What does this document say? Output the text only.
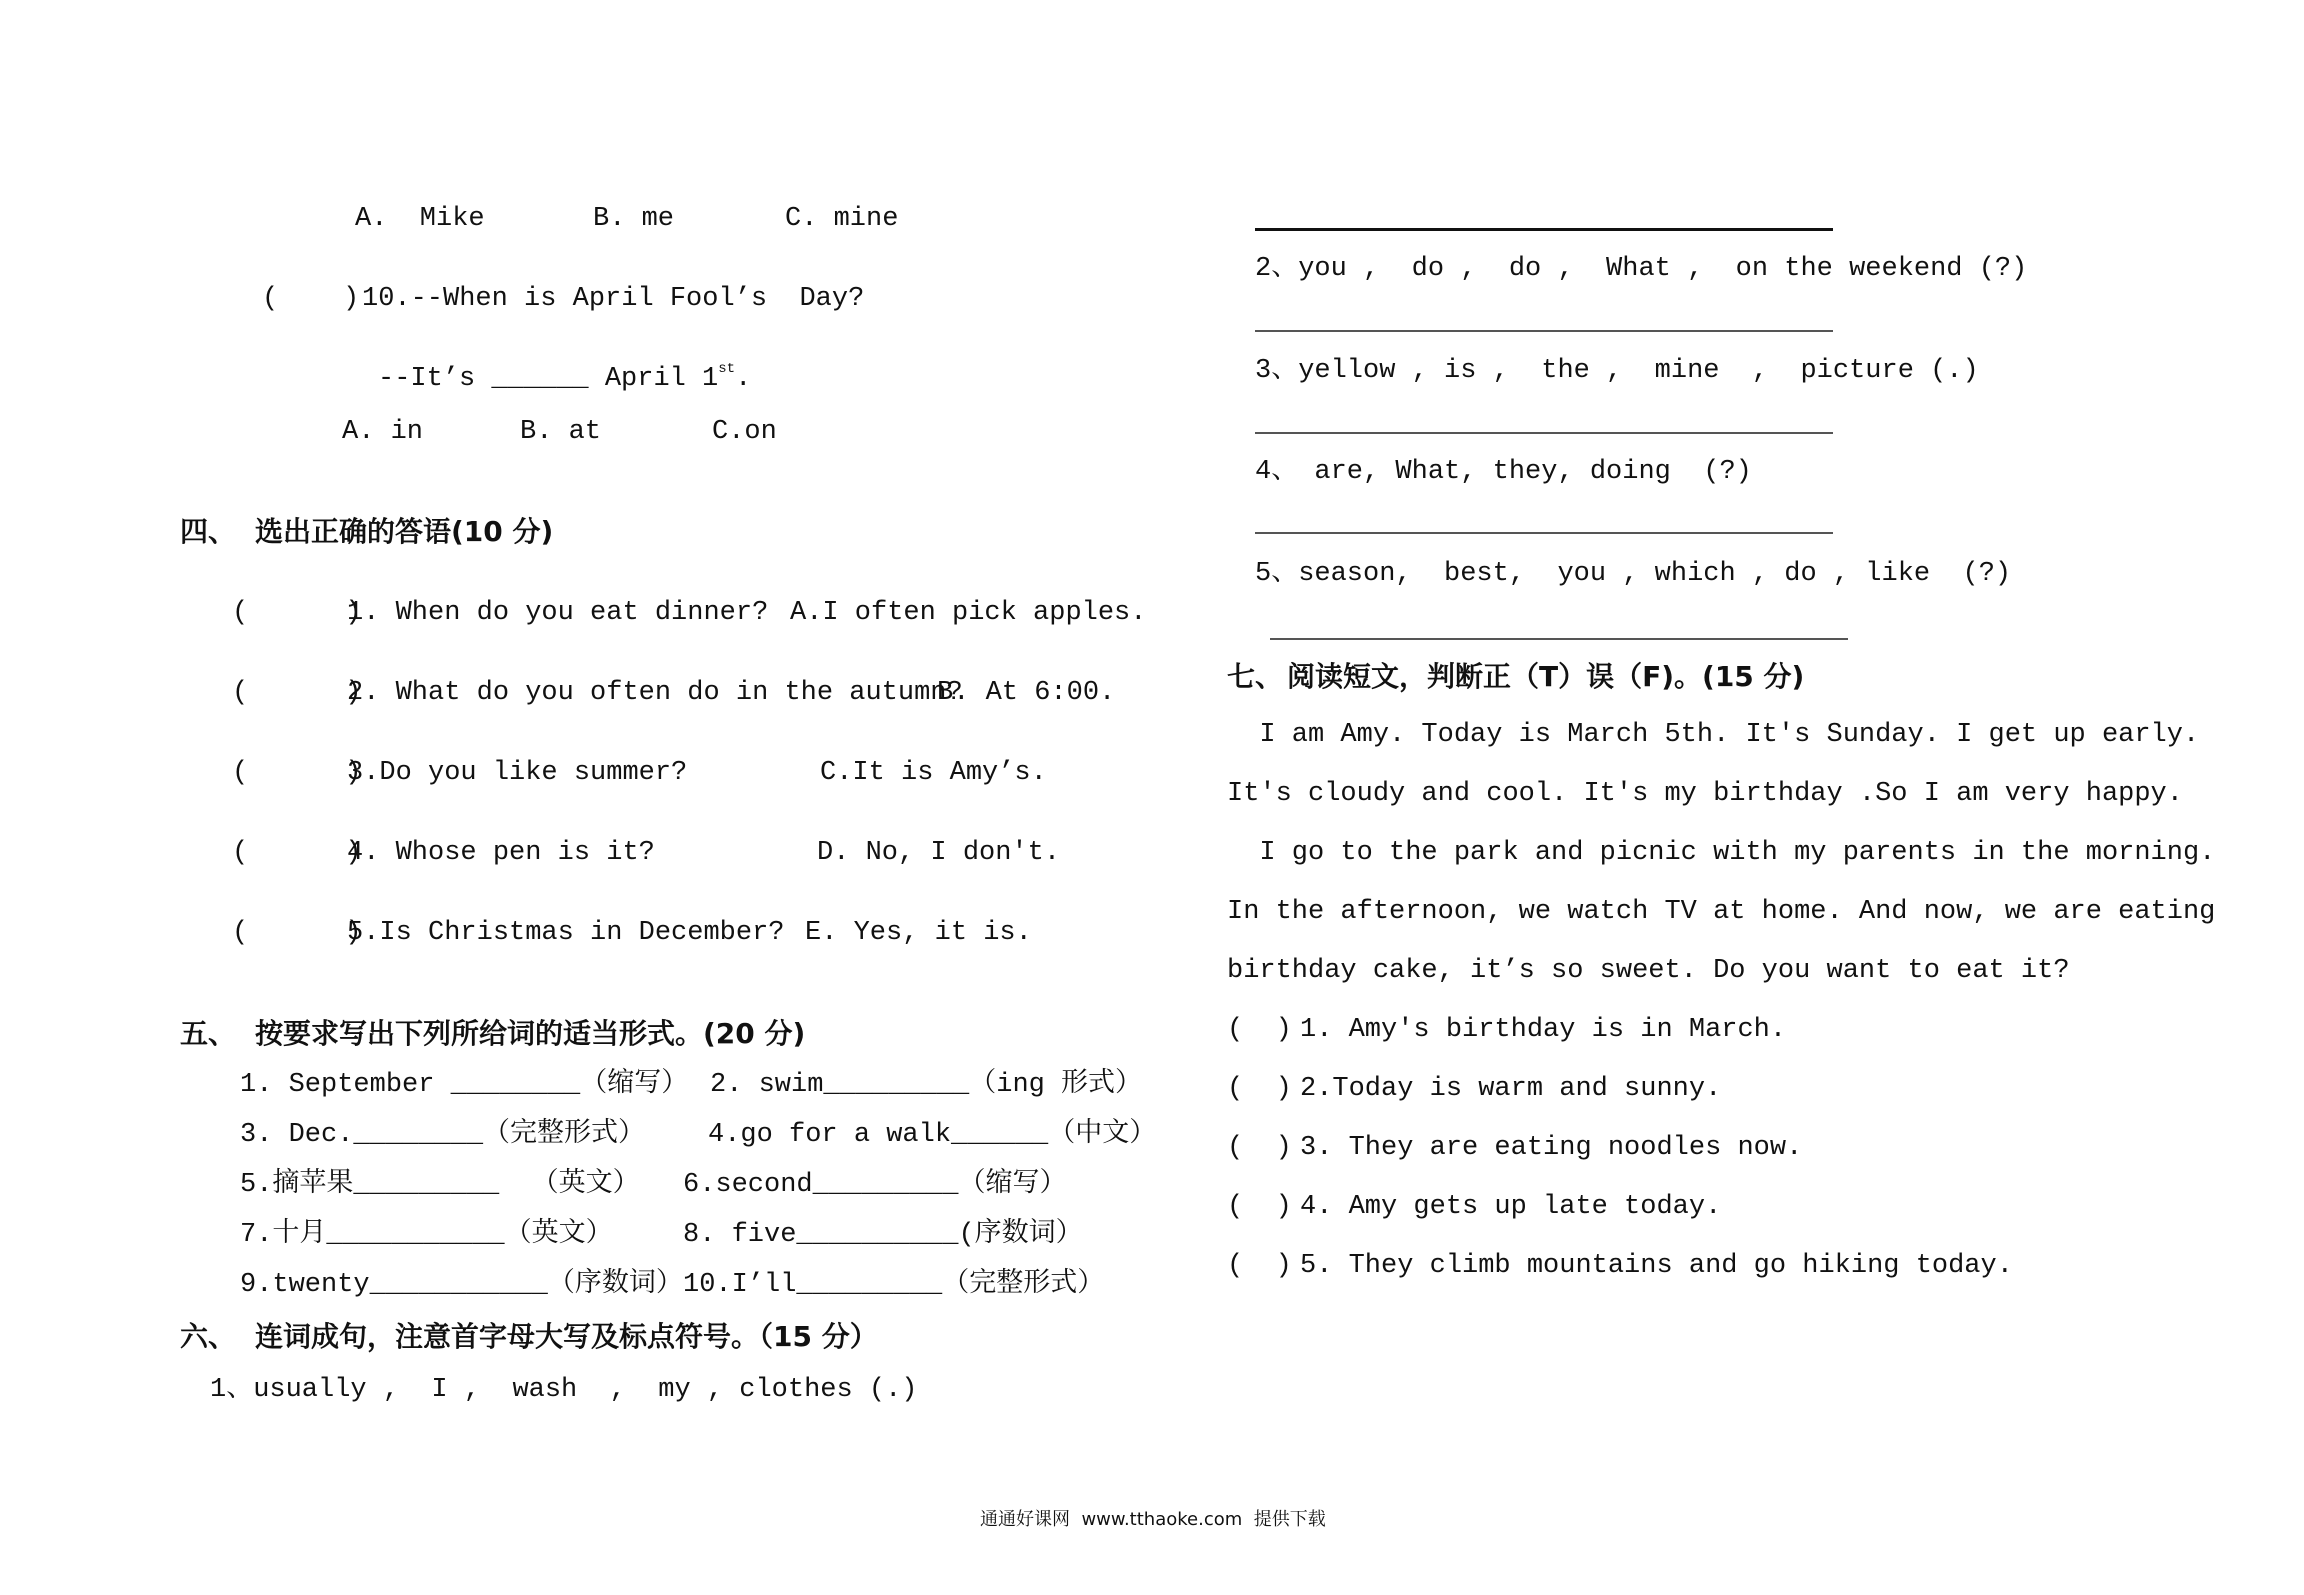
A.  Mike	B. me	C. mine
(    ) 10.--When is April Fool’s  Day?
--It’s ______ April 1st.
A. in	B. at	C.on
四、 选出正确的答语(10 分)
(      )
1. When do you eat dinner? A.I often pick apples.
(      )
2. What do you often do in the autumn?
B. At 6:00.
(      )
3.Do you like summer?	C.It is Amy’s.
(      )
4. Whose pen is it?	D. No, I don't.
(      )
5.Is Christmas in December? E. Yes, it is.
五、 按要求写出下列所给词的适当形式。(20 分)
1. September ________（缩写） 2. swim_________（ing 形式）
3. Dec.________（完整形式） 4.go for a walk______（中文）
5.摘苹果_________  （英文） 6.second_________（缩写）
7.十月___________（英文）	8. five__________(序数词）
9.twenty___________（序数词） 10.I’ll_________（完整形式）
六、 连词成句，注意首字母大写及标点符号。（15 分）
1、usually ,  I ,  wash  ,  my , clothes (.)
2、you ,  do ,  do ,  What ,  on the weekend (?)
3、yellow , is ,  the ,  mine  ,  picture (.)
4、 are, What, they, doing  (?)
5、season,  best,  you , which , do , like  (?)
七、 阅读短文，判断正（T）误（F)。(15 分)
I am Amy. Today is March 5th. It's Sunday. I get up early.
It's cloudy and cool. It's my birthday .So I am very happy.
I go to the park and picnic with my parents in the morning.
In the afternoon, we watch TV at home. And now, we are eating
birthday cake, it’s so sweet. Do you want to eat it?
(  ) 1. Amy's birthday is in March.
(  ) 2.Today is warm and sunny.
(  ) 3. They are eating noodles now.
(  ) 4. Amy gets up late today.
(  ) 5. They climb mountains and go hiking today.
通通好课网  www.tthaoke.com  提供下载
